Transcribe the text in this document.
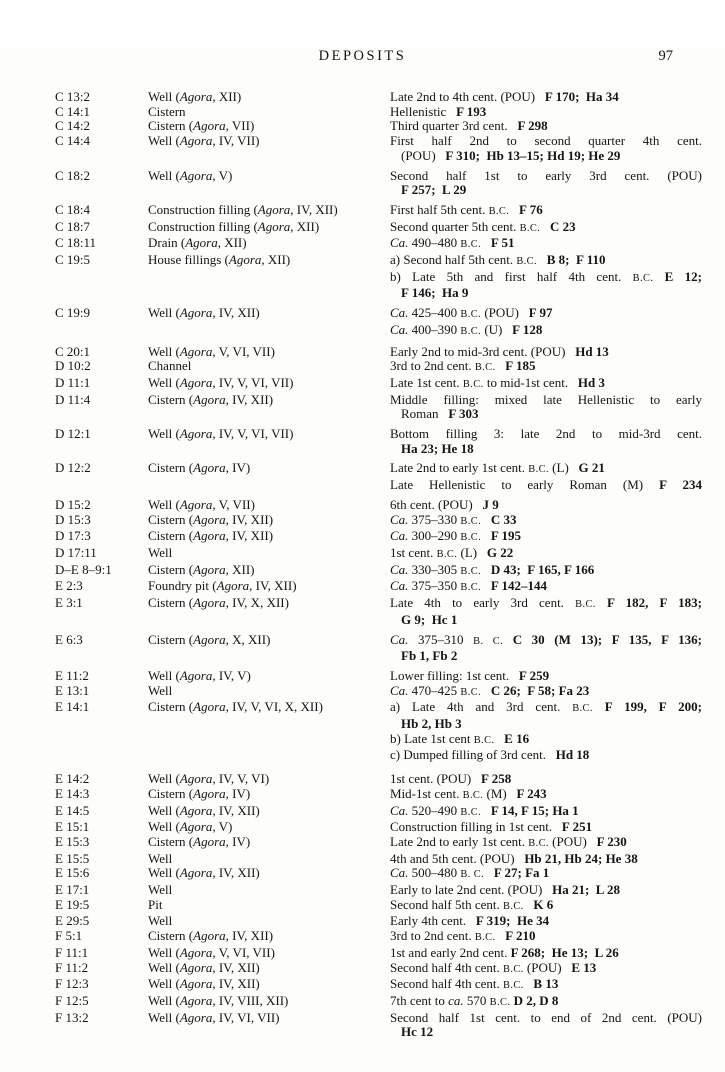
DEPOSITS	97
C 13:2	Well (Agora, XII)	Late 2nd to 4th cent. (POU)   F 170;  Ha 34
C 14:1	Cistern	Hellenistic   F 193
C 14:2	Cistern (Agora, VII)	Third quarter 3rd cent.   F 298
C 14:4	Well (Agora, IV, VII)	First half 2nd to second quarter 4th cent.
(POU)   F 310;  Hb 13–15; Hd 19; He 29
C 18:2	Well (Agora, V)	Second half 1st to early 3rd cent. (POU)
F 257;  L 29
C 18:4	Construction filling (Agora, IV, XII)	First half 5th cent. B.C. F 76
C 18:7	Construction filling (Agora, XII)	Second quarter 5th cent. B.C. C 23
C 18:11	Drain (Agora, XII)	Ca. 490–480 B.C. F 51
C 19:5	House fillings (Agora, XII)	a) Second half 5th cent. B.C. B 8;  F 110
b) Late 5th and first half 4th cent. B.C. E 12;
F 146;  Ha 9
C 19:9	Well (Agora, IV, XII)	Ca. 425–400 B.C. (POU)   F 97
Ca. 400–390 B.C. (U)   F 128
C 20:1	Well (Agora, V, VI, VII)	Early 2nd to mid-3rd cent. (POU)   Hd 13
D 10:2	Channel	3rd to 2nd cent. B.C. F 185
D 11:1	Well (Agora, IV, V, VI, VII)	Late 1st cent. B.C. to mid-1st cent.   Hd 3
D 11:4	Cistern (Agora, IV, XII)	Middle filling: mixed late Hellenistic to early
Roman   F 303
D 12:1	Well (Agora, IV, V, VI, VII)	Bottom filling 3: late 2nd to mid-3rd cent.
Ha 23; He 18
D 12:2	Cistern (Agora, IV)	Late 2nd to early 1st cent. B.C. (L)   G 21
Late Hellenistic to early Roman (M) F 234
D 15:2	Well (Agora, V, VII)	6th cent. (POU)   J 9
D 15:3	Cistern (Agora, IV, XII)	Ca. 375–330 B.C. C 33
D 17:3	Cistern (Agora, IV, XII)	Ca. 300–290 B.C. F 195
D 17:11	Well	1st cent. B.C. (L)   G 22
D–E 8–9:1	Cistern (Agora, XII)	Ca. 330–305 B.C. D 43;  F 165, F 166
E 2:3	Foundry pit (Agora, IV, XII)	Ca. 375–350 B.C. F 142–144
E 3:1	Cistern (Agora, IV, X, XII)	Late 4th to early 3rd cent. B.C. F 182, F 183;
G 9;  Hc 1
E 6:3	Cistern (Agora, X, XII)	Ca. 375–310 B. C. C 30 (M 13); F 135, F 136;
Fb 1, Fb 2
E 11:2	Well (Agora, IV, V)	Lower filling: 1st cent.   F 259
E 13:1	Well	Ca. 470–425 B.C. C 26;  F 58; Fa 23
E 14:1	Cistern (Agora, IV, V, VI, X, XII)	a) Late 4th and 3rd cent. B.C. F 199, F 200;
Hb 2, Hb 3
b) Late 1st cent B.C. E 16
c) Dumped filling of 3rd cent.   Hd 18
E 14:2	Well (Agora, IV, V, VI)	1st cent. (POU)   F 258
E 14:3	Cistern (Agora, IV)	Mid-1st cent. B.C. (M)   F 243
E 14:5	Well (Agora, IV, XII)	Ca. 520–490 B.C. F 14, F 15; Ha 1
E 15:1	Well (Agora, V)	Construction filling in 1st cent.   F 251
E 15:3	Cistern (Agora, IV)	Late 2nd to early 1st cent. B.C. (POU)   F 230
E 15:5	Well	4th and 5th cent. (POU)   Hb 21, Hb 24; He 38
E 15:6	Well (Agora, IV, XII)	Ca. 500–480 B. C. F 27; Fa 1
E 17:1	Well	Early to late 2nd cent. (POU)   Ha 21;  L 28
E 19:5	Pit	Second half 5th cent. B.C. K 6
E 29:5	Well	Early 4th cent.   F 319;  He 34
F 5:1	Cistern (Agora, IV, XII)	3rd to 2nd cent. B.C. F 210
F 11:1	Well (Agora, V, VI, VII)	1st and early 2nd cent. F 268;  He 13;  L 26
F 11:2	Well (Agora, IV, XII)	Second half 4th cent. B.C. (POU)   E 13
F 12:3	Well (Agora, IV, XII)	Second half 4th cent. B.C. B 13
F 12:5	Well (Agora, IV, VIII, XII)	7th cent to ca. 570 B.C. D 2, D 8
F 13:2	Well (Agora, IV, VI, VII)	Second half 1st cent. to end of 2nd cent. (POU)
Hc 12
